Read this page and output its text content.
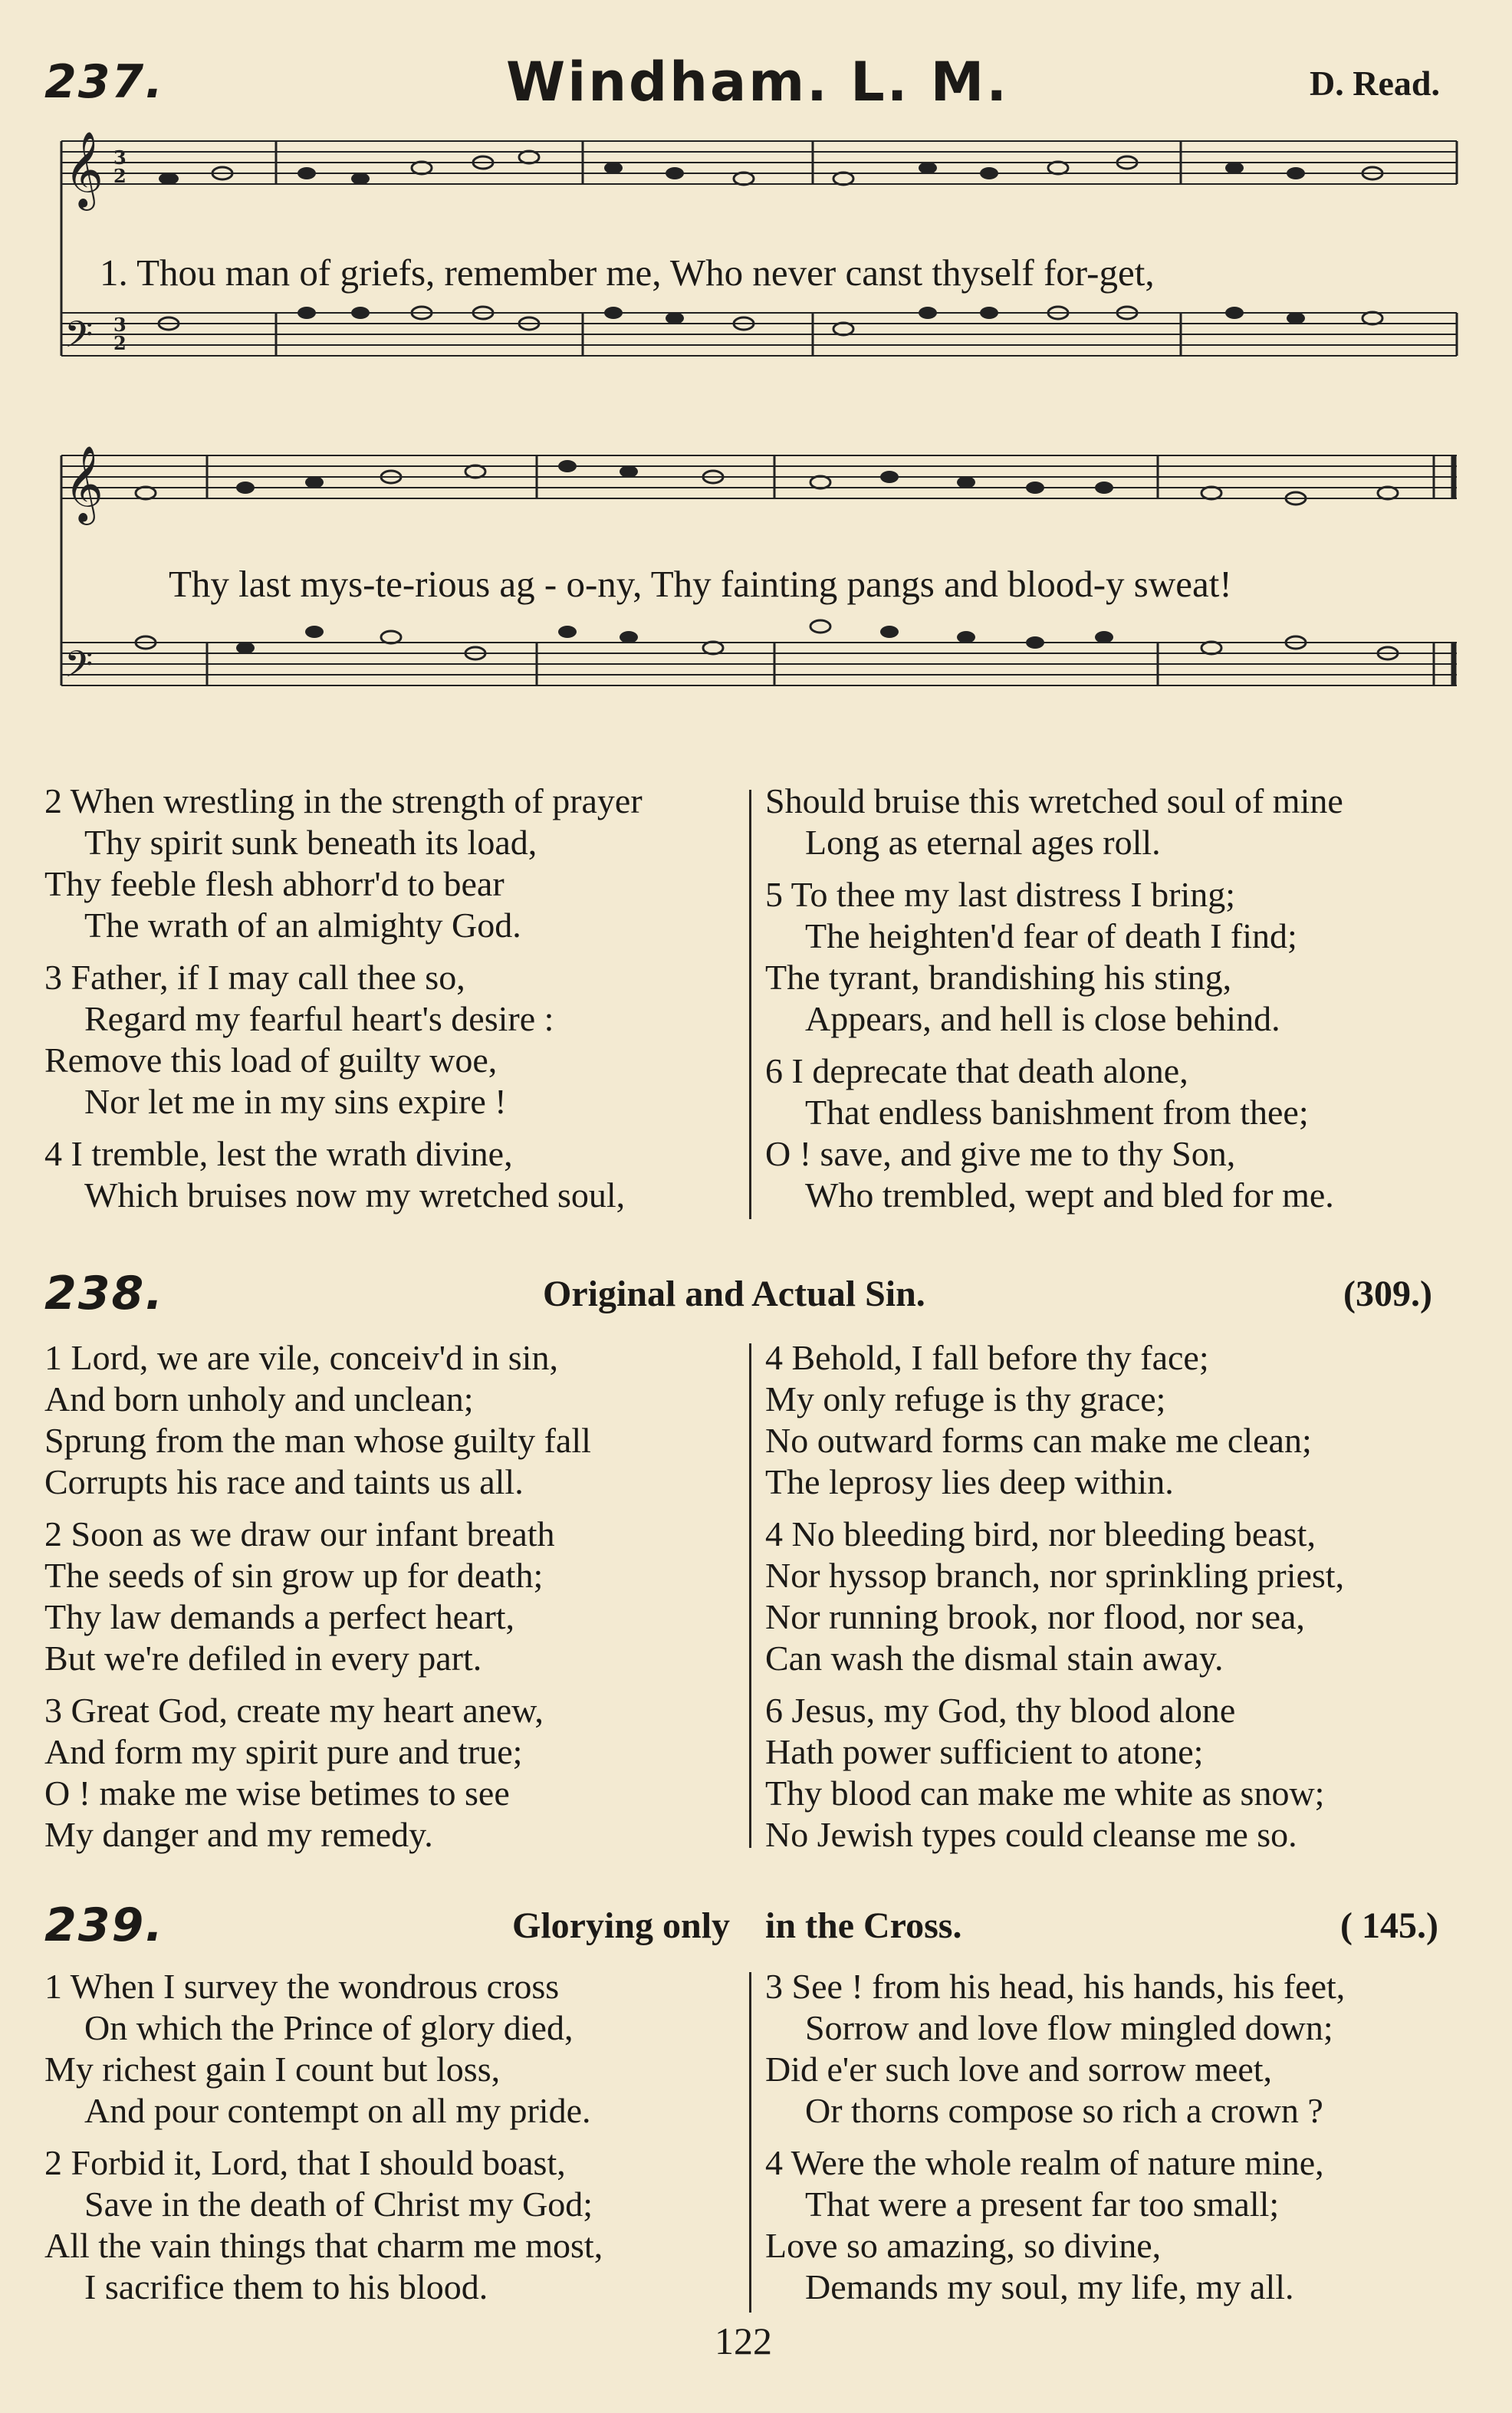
237.	Windham. L. M.	D. Read.
𝄞
𝄢
3
2
3
2
1. Thou man of griefs, remember me, Who never canst thyself for-get,
𝄞
𝄢
Thy last mys-te-rious ag - o-ny, Thy fainting pangs and blood-y sweat!
2 When wrestling in the strength of prayer
Thy spirit sunk beneath its load,
Thy feeble flesh abhorr'd to bear
The wrath of an almighty God.
3 Father, if I may call thee so,
Regard my fearful heart's desire :
Remove this load of guilty woe,
Nor let me in my sins expire !
4 I tremble, lest the wrath divine,
Which bruises now my wretched soul,
Should bruise this wretched soul of mine
Long as eternal ages roll.
5 To thee my last distress I bring;
The heighten'd fear of death I find;
The tyrant, brandishing his sting,
Appears, and hell is close behind.
6 I deprecate that death alone,
That endless banishment from thee;
O ! save, and give me to thy Son,
Who trembled, wept and bled for me.
238.	Original and Actual Sin.	(309.)
1 Lord, we are vile, conceiv'd in sin,
And born unholy and unclean;
Sprung from the man whose guilty fall
Corrupts his race and taints us all.
2 Soon as we draw our infant breath
The seeds of sin grow up for death;
Thy law demands a perfect heart,
But we're defiled in every part.
3 Great God, create my heart anew,
And form my spirit pure and true;
O ! make me wise betimes to see
My danger and my remedy.
4 Behold, I fall before thy face;
My only refuge is thy grace;
No outward forms can make me clean;
The leprosy lies deep within.
4 No bleeding bird, nor bleeding beast,
Nor hyssop branch, nor sprinkling priest,
Nor running brook, nor flood, nor sea,
Can wash the dismal stain away.
6 Jesus, my God, thy blood alone
Hath power sufficient to atone;
Thy blood can make me white as snow;
No Jewish types could cleanse me so.
239.	Glorying only in the Cross.	( 145.)
1 When I survey the wondrous cross
On which the Prince of glory died,
My richest gain I count but loss,
And pour contempt on all my pride.
2 Forbid it, Lord, that I should boast,
Save in the death of Christ my God;
All the vain things that charm me most,
I sacrifice them to his blood.
3 See ! from his head, his hands, his feet,
Sorrow and love flow mingled down;
Did e'er such love and sorrow meet,
Or thorns compose so rich a crown ?
4 Were the whole realm of nature mine,
That were a present far too small;
Love so amazing, so divine,
Demands my soul, my life, my all.
122
